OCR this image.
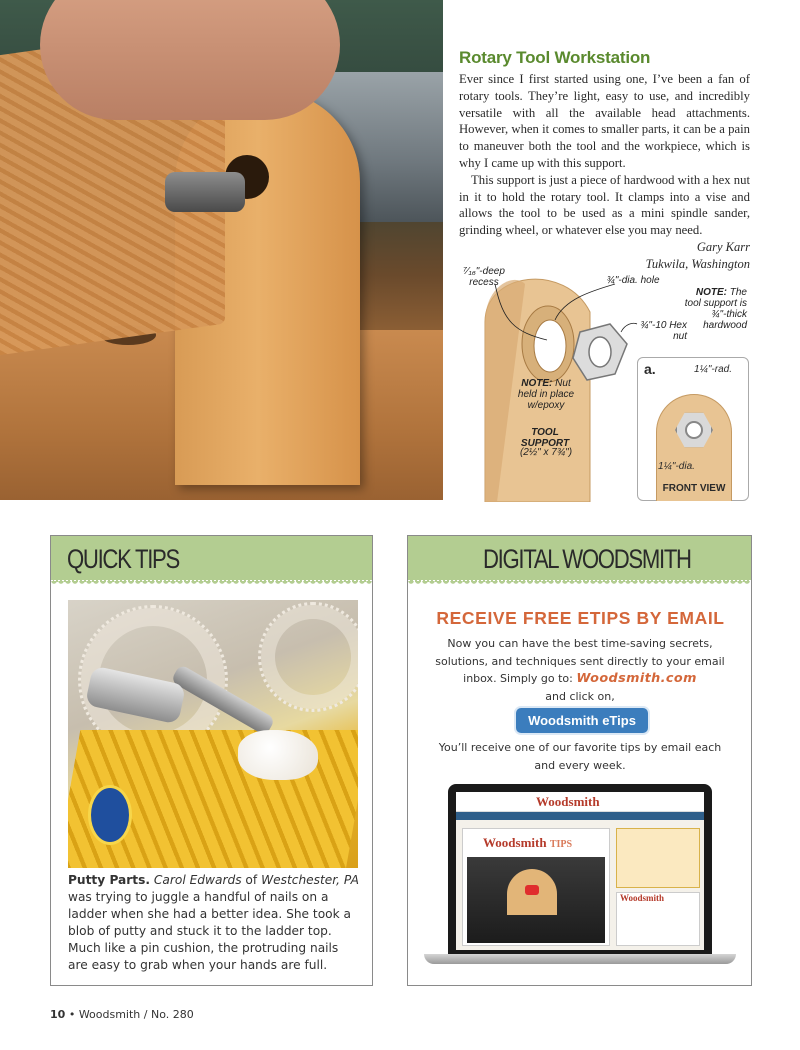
Rotary Tool Workstation

Ever since I first started using one, I’ve been a fan of rotary tools. They’re light, easy to use, and incredibly versatile with all the available head attachments. However, when it comes to smaller parts, it can be a pain to maneuver both the tool and the workpiece, which is why I came up with this support.

This support is just a piece of hardwood with a hex nut in it to hold the rotary tool. It clamps into a vise and allows the tool to be used as a mini spindle sander, grinding wheel, or whatever else you may need.

Gary Karr
Tukwila, Washington
⁷⁄₁₆"-deep recess	¾"-dia. hole
NOTE: The tool support is ¾"-thick hardwood
¾"-10 Hex nut
NOTE: Nut held in place w/epoxy
TOOL SUPPORT
(2½" x 7¾")
a.	1¼"-rad.
1¼"-dia.
FRONT VIEW
QUICK TIPS
Putty Parts. Carol Edwards of Westchester, PA was trying to juggle a handful of nails on a ladder when she had a better idea. She took a blob of putty and stuck it to the ladder top. Much like a pin cushion, the protruding nails are easy to grab when your hands are full.
DIGITAL WOODSMITH
RECEIVE FREE ETIPS BY EMAIL
Now you can have the best time-saving secrets, solutions, and techniques sent directly to your email inbox. Simply go to: Woodsmith.com
and click on,
Woodsmith eTips
You’ll receive one of our favorite tips by email each and every week.
Woodsmith
Woodsmith TIPS
Woodsmith
10 • Woodsmith / No. 280
